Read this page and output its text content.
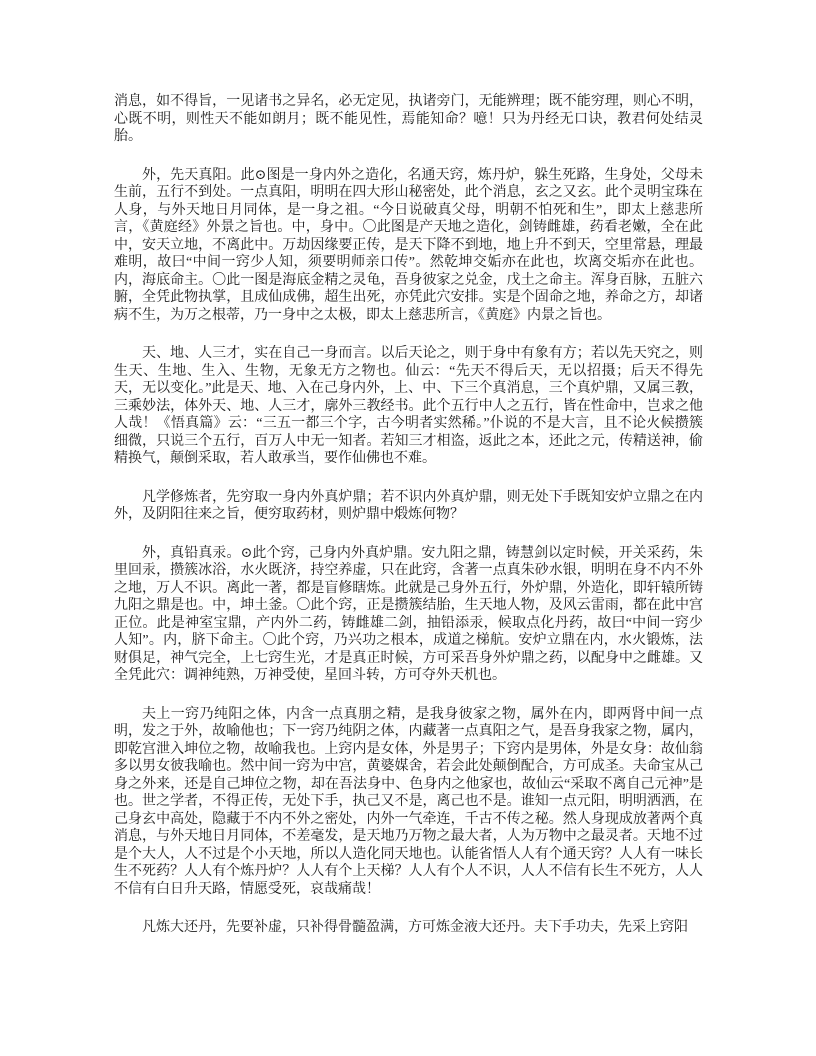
消息，如不得旨，一见诸书之异名，必无定见，执诸旁门，无能辨理；既不能穷理，则心不明，心既不明，则性天不能如朗月；既不能见性，焉能知命？噫！只为丹经无口诀，教君何处结灵胎。

外，先天真阳。此⊙图是一身内外之造化，名通天窍，炼丹炉，躲生死路，生身处，父母未生前，五行不到处。一点真阳，明明在四大形山秘密处，此个消息，玄之又玄。此个灵明宝珠在人身，与外天地日月同体，是一身之祖。“今日说破真父母，明朝不怕死和生”，即太上慈悲所言，《黄庭经》外景之旨也。中，身中。〇此图是产天地之造化，剑铸雌雄，药看老嫩，全在此中，安天立地，不离此中。万劫因缘要正传，是天下降不到地，地上升不到天，空里常悬，理最难明，故曰“中间一窍少人知，须要明师亲口传”。然乾坤交姤亦在此也，坎离交垢亦在此也。内，海底命主。〇此一图是海底金精之灵龟，吾身彼家之兑金，戊土之命主。浑身百脉，五脏六腑，全凭此物执掌，且成仙成佛，超生出死，亦凭此穴安排。实是个固命之地，养命之方，却诸病不生，为万之根蒂，乃一身中之太极，即太上慈悲所言，《黄庭》内景之旨也。

天、地、人三才，实在自己一身而言。以后天论之，则于身中有象有方；若以先天究之，则生天、生地、生入、生物，无象无方之物也。仙云：“先天不得后天，无以招摄；后天不得先天，无以变化。”此是天、地、入在己身内外，上、中、下三个真消息，三个真炉鼎，又属三教，三乘妙法，体外天、地、人三才，廓外三教经书。此个五行中人之五行，皆在性命中，岂求之他人哉！《悟真篇》云：“三五一都三个字，古今明者实然稀。”仆说的不是大言，且不论火候攒簇细微，只说三个五行，百万人中无一知者。若知三才相盗，返此之本，还此之元，传精送神，偷精换气，颠倒采取，若人敢承当，要作仙佛也不难。

凡学修炼者，先穷取一身内外真炉鼎；若不识内外真炉鼎，则无处下手既知安炉立鼎之在内外，及阴阳往来之旨，便穷取药材，则炉鼎中煅炼何物？

外，真铅真汞。⊙此个窍，己身内外真炉鼎。安九阳之鼎，铸慧剑以定时候，开关采药，朱里回汞，攒簇冰浴，水火既济，持空养虚，只在此窍，含著一点真朱砂水银，明明在身不内不外之地，万人不识。离此一著，都是盲修瞎炼。此就是己身外五行，外炉鼎，外造化，即轩辕所铸九阳之鼎是也。中，坤土釜。〇此个窍，正是攒簇结胎，生天地人物，及风云雷雨，都在此中宫正位。此是神室宝鼎，产内外二药，铸雌雄二剑，抽铅添汞，候取点化丹药，故曰“中间一窍少人知”。内，脐下命主。〇此个窍，乃兴功之根本，成道之梯航。安炉立鼎在内，水火锻炼，法财俱足，神气完全，上七窍生光，才是真正时候，方可采吾身外炉鼎之药，以配身中之雌雄。又全凭此穴：调神纯熟，万神受使，星回斗转，方可夺外天机也。

夫上一窍乃纯阳之体，内含一点真朋之精，是我身彼家之物，属外在内，即两肾中间一点明，发之于外，故喻他也；下一窍乃纯阴之体，内藏著一点真阳之气，是吾身我家之物，属内，即乾宫泄入坤位之物，故喻我也。上窍内是女体，外是男子；下窍内是男体，外是女身：故仙翁多以男女彼我喻也。然中间一窍为中宫，黄婆媒舍，若会此处颠倒配合，方可成圣。夫命宝从己身之外来，还是自己坤位之物，却在吾法身中、色身内之他家也，故仙云“采取不离自己元神”是也。世之学者，不得正传，无处下手，执己又不是，离己也不是。谁知一点元阳，明明洒洒，在己身玄中高处，隐藏于不内不外之密处，内外一气牵连，千古不传之秘。然人身现成放著两个真消息，与外天地日月同体，不差毫发，是天地乃万物之最大者，人为万物中之最灵者。天地不过是个大人，人不过是个小天地，所以人造化同天地也。认能省悟人人有个通天窍？人人有一味长生不死药？人人有个炼丹炉？人人有个上天梯？人人有个人不识，人人不信有长生不死方，人人不信有白日升天路，情愿受死，哀哉痛哉！

凡炼大还丹，先要补虚，只补得骨髓盈满，方可炼金液大还丹。夫下手功夫，先采上窍阳
